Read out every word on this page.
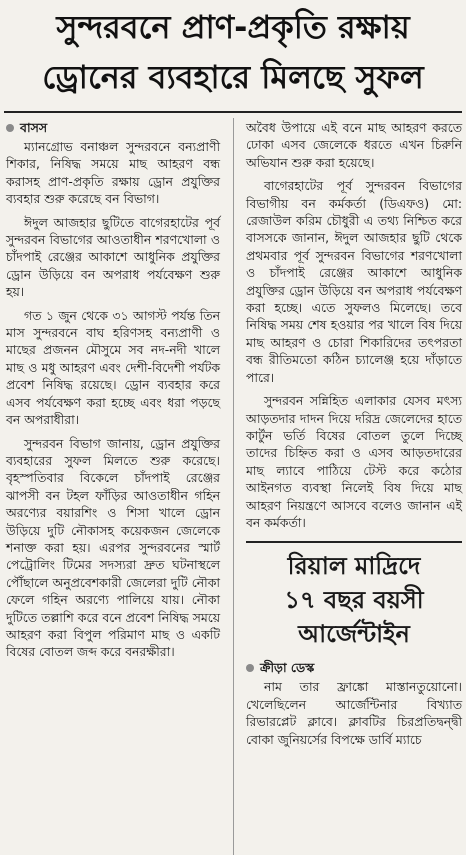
সুন্দরবনে প্রাণ-প্রকৃতি রক্ষায়
ড্রোনের ব্যবহারে মিলছে সুফল
বাসস

ম্যানগ্রোভ বনাঞ্চল সুন্দরবনে বন্যপ্রাণী শিকার, নিষিদ্ধ সময়ে মাছ আহরণ বন্ধ করাসহ প্রাণ-প্রকৃতি রক্ষায় ড্রোন প্রযুক্তির ব্যবহার শুরু করেছে বন বিভাগ।

ঈদুল আজহার ছুটিতে বাগেরহাটের পূর্ব সুন্দরবন বিভাগের আওতাধীন শরণখোলা ও চাঁদপাই রেঞ্জের আকাশে আধুনিক প্রযুক্তির ড্রোন উড়িয়ে বন অপরাধ পর্যবেক্ষণ শুরু হয়।

গত ১ জুন থেকে ৩১ আগস্ট পর্যন্ত তিন মাস সুন্দরবনে বাঘ হরিণসহ বন্যপ্রাণী ও মাছের প্রজনন মৌসুমে সব নদ-নদী খালে মাছ ও মধু আহরণ এবং দেশী-বিদেশী পর্যটক প্রবেশ নিষিদ্ধ রয়েছে। ড্রোন ব্যবহার করে এসব পর্যবেক্ষণ করা হচ্ছে এবং ধরা পড়ছে বন অপরাধীরা।

সুন্দরবন বিভাগ জানায়, ড্রোন প্রযুক্তির ব্যবহারের সুফল মিলতে শুরু করেছে। বৃহস্পতিবার বিকেলে চাঁদপাই রেঞ্জের ঝাপসী বন টহল ফাঁড়ির আওতাধীন গহিন অরণ্যের বয়ারশিং ও শিসা খালে ড্রোন উড়িয়ে দুটি নৌকাসহ কয়েকজন জেলেকে শনাক্ত করা হয়। এরপর সুন্দরবনের স্মার্ট পেট্রোলিং টিমের সদস্যরা দ্রুত ঘটনাস্থলে পৌঁছালে অনুপ্রবেশকারী জেলেরা দুটি নৌকা ফেলে গহিন অরণ্যে পালিয়ে যায়। নৌকা দুটিতে তল্লাশি করে বনে প্রবেশ নিষিদ্ধ সময়ে আহরণ করা বিপুল পরিমাণ মাছ ও একটি বিষের বোতল জব্দ করে বনরক্ষীরা।

অবৈধ উপায়ে এই বনে মাছ আহরণ করতে ঢোকা এসব জেলেকে ধরতে এখন চিরুনি অভিযান শুরু করা হয়েছে।

বাগেরহাটের পূর্ব সুন্দরবন বিভাগের বিভাগীয় বন কর্মকর্তা (ডিএফও) মো: রেজাউল করিম চৌধুরী এ তথ্য নিশ্চিত করে বাসসকে জানান, ঈদুল আজহার ছুটি থেকে প্রথমবার পূর্ব সুন্দরবন বিভাগের শরণখোলা ও চাঁদপাই রেঞ্জের আকাশে আধুনিক প্রযুক্তির ড্রোন উড়িয়ে বন অপরাধ পর্যবেক্ষণ করা হচ্ছে। এতে সুফলও মিলেছে। তবে নিষিদ্ধ সময় শেষ হওয়ার পর খালে বিষ দিয়ে মাছ আহরণ ও চোরা শিকারিদের তৎপরতা বন্ধ রীতিমতো কঠিন চ্যালেঞ্জ হয়ে দাঁড়াতে পারে।

সুন্দরবন সন্নিহিত এলাকার যেসব মৎস্য আড়তদার দাদন দিয়ে দরিদ্র জেলেদের হাতে কার্টুন ভর্তি বিষের বোতল তুলে দিচ্ছে তাদের চিহ্নিত করা ও এসব আড়তদারের মাছ ল্যাবে পাঠিয়ে টেস্ট করে কঠোর আইনগত ব্যবস্থা নিলেই বিষ দিয়ে মাছ আহরণ নিয়ন্ত্রণে আসবে বলেও জানান এই বন কর্মকর্তা।

রিয়াল মাদ্রিদে
১৭ বছর বয়সী
আর্জেন্টাইন
ক্রীড়া ডেস্ক

নাম তার ফ্রাঙ্কো মাস্তানতুয়োনো। খেলেছিলেন আর্জেন্টিনার বিখ্যাত রিভারপ্লেট ক্লাবে। ক্লাবটির চিরপ্রতিদ্বন্দ্বী বোকা জুনিয়র্সের বিপক্ষে ডার্বি ম্যাচে
